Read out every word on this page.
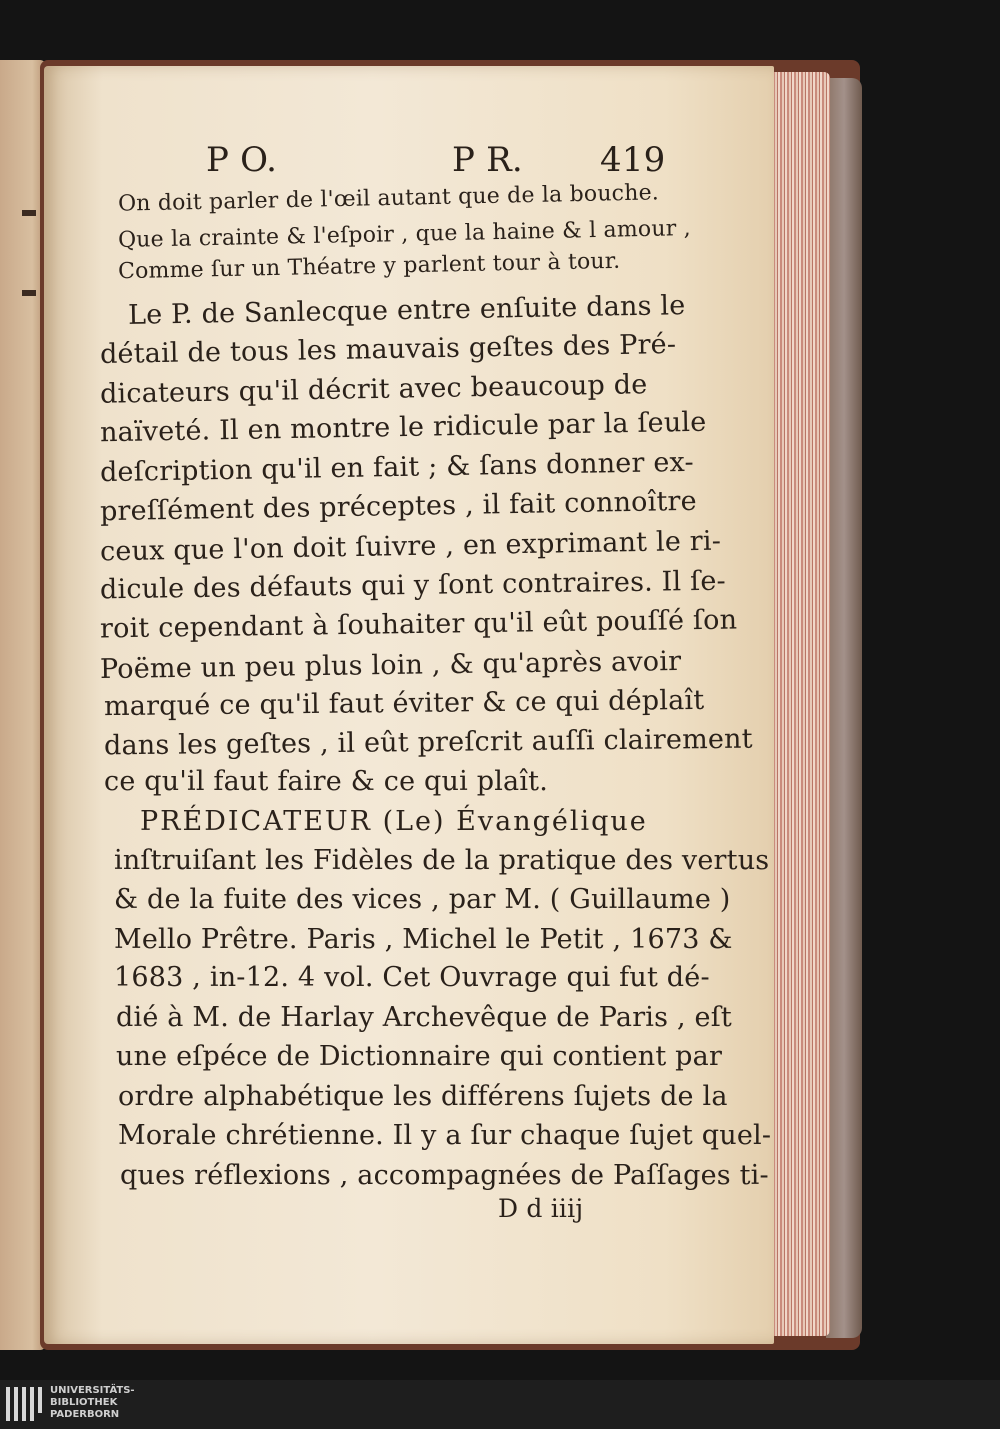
P O.	P R. 419
On doit parler de l'œil autant que de la bouche.
Que la crainte & l'eſpoir , que la haine & l amour ,
Comme ſur un Théatre y parlent tour à tour.
Le P. de Sanlecque entre enſuite dans le
détail de tous les mauvais geſtes des Pré-
dicateurs qu'il décrit avec beaucoup de
naïveté. Il en montre le ridicule par la ſeule
deſcription qu'il en fait ; & ſans donner ex-
preſſément des préceptes , il fait connoître
ceux que l'on doit ſuivre , en exprimant le ri-
dicule des défauts qui y ſont contraires. Il ſe-
roit cependant à ſouhaiter qu'il eût pouſſé ſon
Poëme un peu plus loin , & qu'après avoir
marqué ce qu'il faut éviter & ce qui déplaît
dans les geſtes , il eût preſcrit auſſi clairement
ce qu'il faut faire & ce qui plaît.
PRÉDICATEUR (Le) Évangélique
inſtruiſant les Fidèles de la pratique des vertus
& de la fuite des vices , par M. ( Guillaume )
Mello Prêtre. Paris , Michel le Petit , 1673 &
1683 , in-12. 4 vol. Cet Ouvrage qui fut dé-
dié à M. de Harlay Archevêque de Paris , eſt
une eſpéce de Dictionnaire qui contient par
ordre alphabétique les différens ſujets de la
Morale chrétienne. Il y a ſur chaque ſujet quel-
ques réflexions , accompagnées de Paſſages ti-
D d iiij
UNIVERSITÄTS-
BIBLIOTHEK
PADERBORN
